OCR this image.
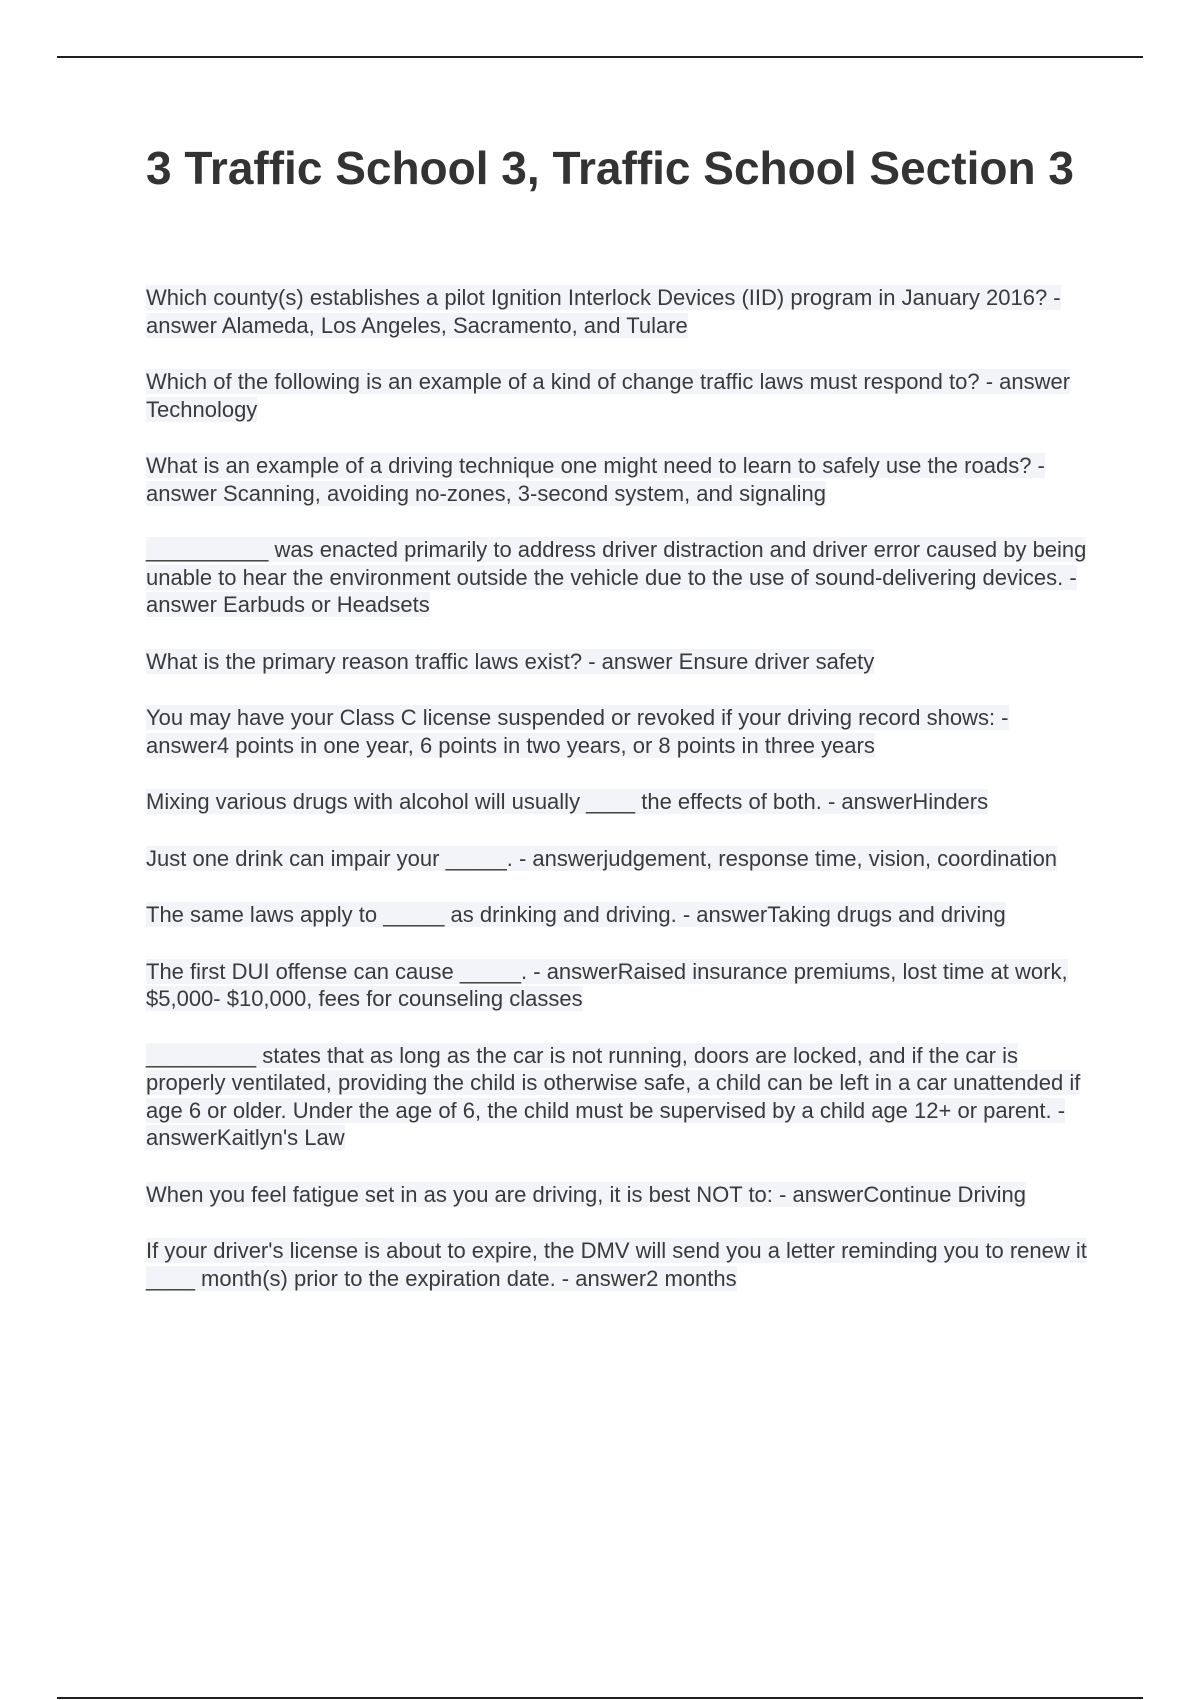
3 Traffic School 3, Traffic School Section 3
Which county(s) establishes a pilot Ignition Interlock Devices (IID) program in January 2016? - answer Alameda, Los Angeles, Sacramento, and Tulare
Which of the following is an example of a kind of change traffic laws must respond to? - answer Technology
What is an example of a driving technique one might need to learn to safely use the roads? - answer Scanning, avoiding no-zones, 3-second system, and signaling
__________ was enacted primarily to address driver distraction and driver error caused by being unable to hear the environment outside the vehicle due to the use of sound-delivering devices. - answer Earbuds or Headsets
What is the primary reason traffic laws exist? - answer Ensure driver safety
You may have your Class C license suspended or revoked if your driving record shows: - answer4 points in one year, 6 points in two years, or 8 points in three years
Mixing various drugs with alcohol will usually ____ the effects of both. - answerHinders
Just one drink can impair your _____. - answerjudgement, response time, vision, coordination
The same laws apply to _____ as drinking and driving. - answerTaking drugs and driving
The first DUI offense can cause _____. - answerRaised insurance premiums, lost time at work, $5,000- $10,000, fees for counseling classes
_________ states that as long as the car is not running, doors are locked, and if the car is properly ventilated, providing the child is otherwise safe, a child can be left in a car unattended if age 6 or older. Under the age of 6, the child must be supervised by a child age 12+ or parent. - answerKaitlyn's Law
When you feel fatigue set in as you are driving, it is best NOT to: - answerContinue Driving
If your driver's license is about to expire, the DMV will send you a letter reminding you to renew it ____ month(s) prior to the expiration date. - answer2 months
